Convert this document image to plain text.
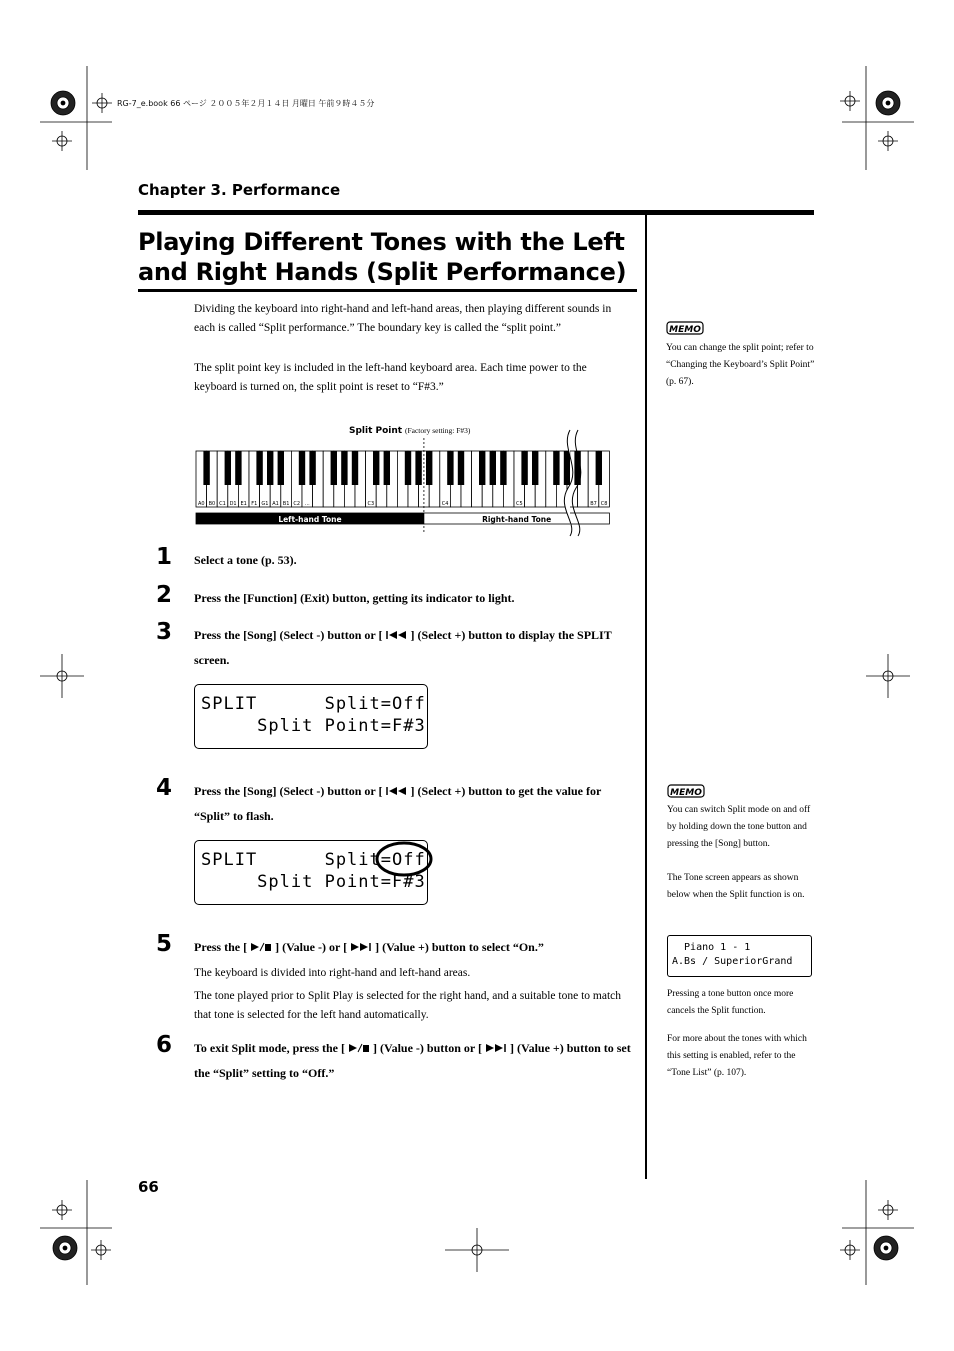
RG-7_e.book 66 ページ ２００５年２月１４日 月曜日 午前９時４５分
Chapter 3. Performance
Playing Different Tones with the Left
and Right Hands (Split Performance)
Dividing the keyboard into right-hand and left-hand areas, then playing different sounds in each is called “Split performance.” The boundary key is called the “split point.”
The split point key is included in the left-hand keyboard area. Each time power to the keyboard is turned on, the split point is reset to “F#3.”
Split Point (Factory setting: F#3)
A0 B0 C1 D1 E1 F1 G1 A1 B1 C2 ...	C3	C4	C5	B7 C8
Left-hand Tone	Right-hand Tone
1 Select a tone (p. 53).
2 Press the [Function] (Exit) button, getting its indicator to light.
3 Press the [Song] (Select -) button or [ ] (Select +) button to display the SPLIT screen.
SPLIT      Split=Off
Split Point=F#3
4 Press the [Song] (Select -) button or [ ] (Select +) button to get the value for “Split” to flash.
SPLIT      Split=Off
Split Point=F#3
5 Press the [ ] (Value -) or [ ] (Value +) button to select “On.”
The keyboard is divided into right-hand and left-hand areas.
The tone played prior to Split Play is selected for the right hand, and a suitable tone to match that tone is selected for the left hand automatically.
6 To exit Split mode, press the [ ] (Value -) button or [ ] (Value +) button to set the “Split” setting to “Off.”
MEMO
You can change the split point; refer to “Changing the Keyboard’s Split Point” (p. 67).
MEMO
You can switch Split mode on and off by holding down the tone button and pressing the [Song] button.
The Tone screen appears as shown below when the Split function is on.
Piano 1 - 1
A.Bs / SuperiorGrand
Pressing a tone button once more cancels the Split function.
For more about the tones with which this setting is enabled, refer to the “Tone List” (p. 107).
66
